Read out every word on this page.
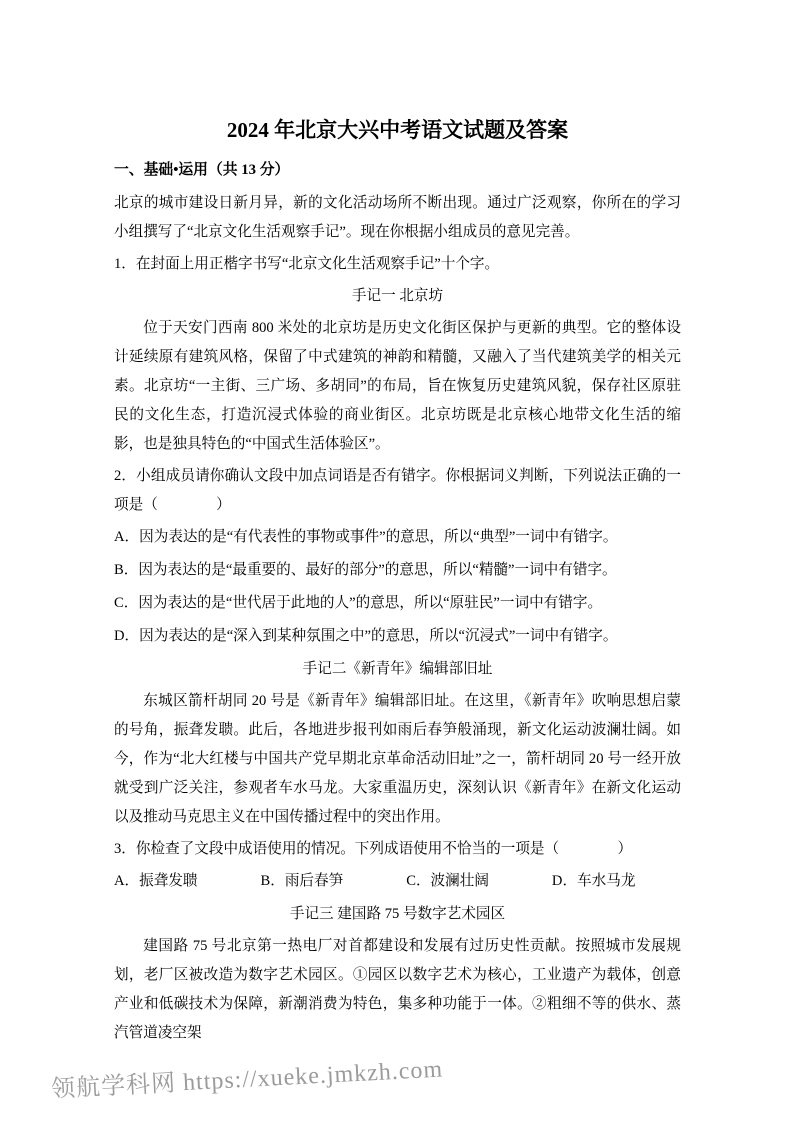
2024 年北京大兴中考语文试题及答案
一、基础•运用（共 13 分）

北京的城市建设日新月异，新的文化活动场所不断出现。通过广泛观察，你所在的学习小组撰写了“北京文化生活观察手记”。现在你根据小组成员的意见完善。

1．在封面上用正楷字书写“北京文化生活观察手记”十个字。

手记一 北京坊

位于天安门西南 800 米处的北京坊是历史文化街区保护与更新的典型。它的整体设计延续原有建筑风格，保留了中式建筑的神韵和精髓，又融入了当代建筑美学的相关元素。北京坊“一主街、三广场、多胡同”的布局，旨在恢复历史建筑风貌，保存社区原驻民的文化生态，打造沉浸式体验的商业街区。北京坊既是北京核心地带文化生活的缩影，也是独具特色的“中国式生活体验区”。

2．小组成员请你确认文段中加点词语是否有错字。你根据词义判断，下列说法正确的一项是（　　　　）

A．因为表达的是“有代表性的事物或事件”的意思，所以“典型”一词中有错字。

B．因为表达的是“最重要的、最好的部分”的意思，所以“精髓”一词中有错字。

C．因为表达的是“世代居于此地的人”的意思，所以“原驻民”一词中有错字。

D．因为表达的是“深入到某种氛围之中”的意思，所以“沉浸式”一词中有错字。

手记二《新青年》编辑部旧址

东城区箭杆胡同 20 号是《新青年》编辑部旧址。在这里，《新青年》吹响思想启蒙的号角，振聋发聩。此后，各地进步报刊如雨后春笋般涌现，新文化运动波澜壮阔。如今，作为“北大红楼与中国共产党早期北京革命活动旧址”之一，箭杆胡同 20 号一经开放就受到广泛关注，参观者车水马龙。大家重温历史，深刻认识《新青年》在新文化运动以及推动马克思主义在中国传播过程中的突出作用。

3．你检查了文段中成语使用的情况。下列成语使用不恰当的一项是（　　　　）

A．振聋发聩	B．雨后春笋	C．波澜壮阔	D．车水马龙

手记三 建国路 75 号数字艺术园区

建国路 75 号北京第一热电厂对首都建设和发展有过历史性贡献。按照城市发展规划，老厂区被改造为数字艺术园区。①园区以数字艺术为核心，工业遗产为载体，创意产业和低碳技术为保障，新潮消费为特色，集多种功能于一体。②粗细不等的供水、蒸汽管道凌空架

领航学科网 https://xueke.jmkzh.com
